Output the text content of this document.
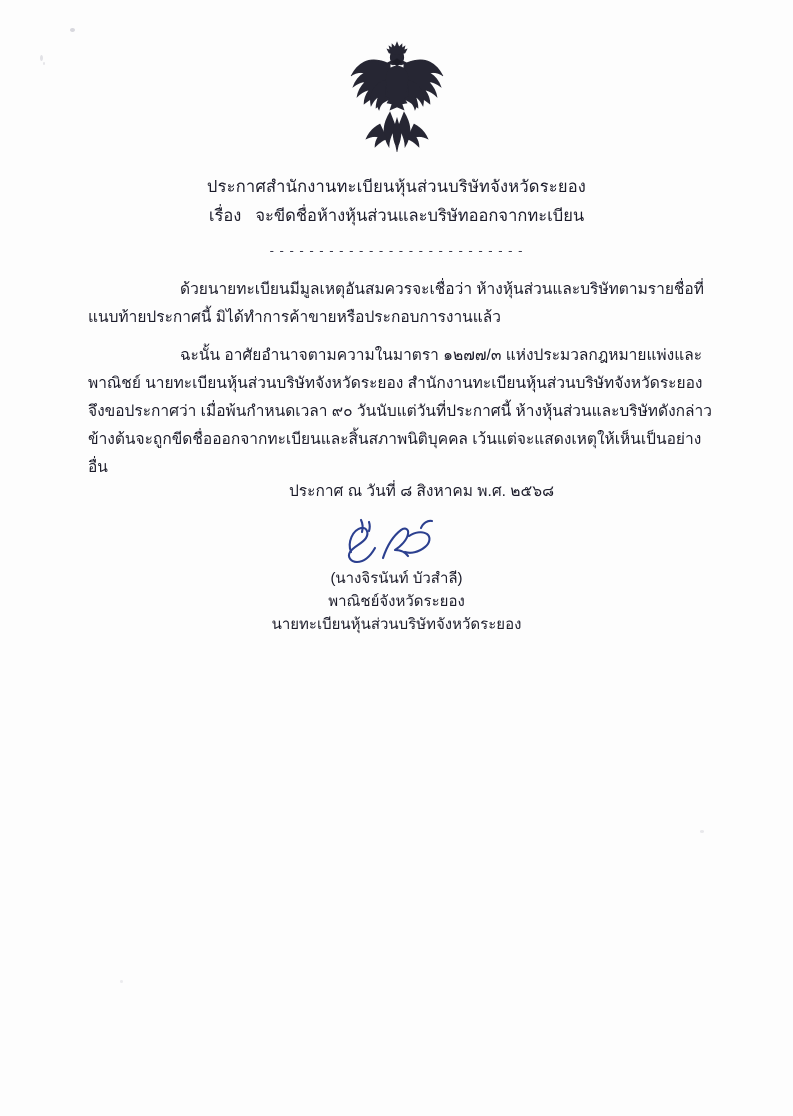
ประกาศสำนักงานทะเบียนหุ้นส่วนบริษัทจังหวัดระยอง
เรื่อง จะขีดชื่อห้างหุ้นส่วนและบริษัทออกจากทะเบียน
- - - - - - - - - - - - - - - - - - - - - - - - - -

ด้วยนายทะเบียนมีมูลเหตุอันสมควรจะเชื่อว่า ห้างหุ้นส่วนและบริษัทตามรายชื่อที่แนบท้ายประกาศนี้ มิได้ทำการค้าขายหรือประกอบการงานแล้ว

ฉะนั้น อาศัยอำนาจตามความในมาตรา ๑๒๗๗/๓ แห่งประมวลกฎหมายแพ่งและพาณิชย์ นายทะเบียนหุ้นส่วนบริษัทจังหวัดระยอง สำนักงานทะเบียนหุ้นส่วนบริษัทจังหวัดระยอง จึงขอประกาศว่า เมื่อพ้นกำหนดเวลา ๙๐ วันนับแต่วันที่ประกาศนี้ ห้างหุ้นส่วนและบริษัทดังกล่าวข้างต้นจะถูกขีดชื่อออกจากทะเบียนและสิ้นสภาพนิติบุคคล เว้นแต่จะแสดงเหตุให้เห็นเป็นอย่างอื่น

ประกาศ ณ วันที่ ๘ สิงหาคม พ.ศ. ๒๕๖๘
(นางจิรนันท์ บัวสำลี)
พาณิชย์จังหวัดระยอง
นายทะเบียนหุ้นส่วนบริษัทจังหวัดระยอง
